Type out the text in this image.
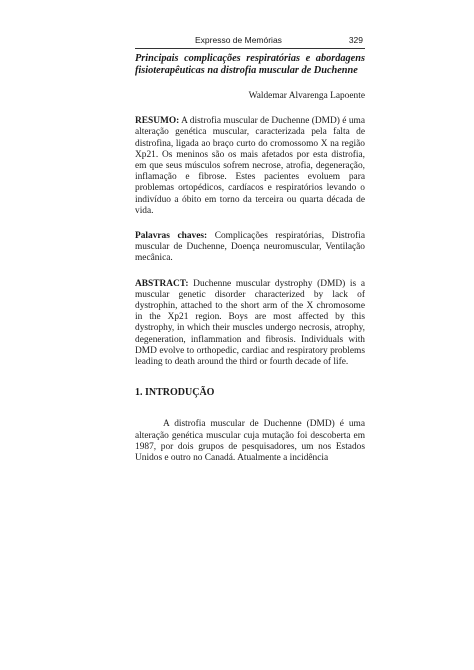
Expresso de Memórias	329

Principais complicações respiratórias e abordagens fisioterapêuticas na distrofia muscular de Duchenne

Waldemar Alvarenga Lapoente

RESUMO: A distrofia muscular de Duchenne (DMD) é uma alteração genética muscular, caracterizada pela falta de distrofina, ligada ao braço curto do cromossomo X na região Xp21. Os meninos são os mais afetados por esta distrofia, em que seus músculos sofrem necrose, atrofia, degeneração, inflamação e fibrose. Estes pacientes evoluem para problemas ortopédicos, cardíacos e respiratórios levando o indivíduo a óbito em torno da terceira ou quarta década de vida.

Palavras chaves: Complicações respiratórias, Distrofia muscular de Duchenne, Doença neuromuscular, Ventilação mecânica.

ABSTRACT: Duchenne muscular dystrophy (DMD) is a muscular genetic disorder characterized by lack of dystrophin, attached to the short arm of the X chromosome in the Xp21 region. Boys are most affected by this dystrophy, in which their muscles undergo necrosis, atrophy, degeneration, inflammation and fibrosis. Individuals with DMD evolve to orthopedic, cardiac and respiratory problems leading to death around the third or fourth decade of life.

1. INTRODUÇÃO

A distrofia muscular de Duchenne (DMD) é uma alteração genética muscular cuja mutação foi descoberta em 1987, por dois grupos de pesquisadores, um nos Estados Unidos e outro no Canadá. Atualmente a incidência
